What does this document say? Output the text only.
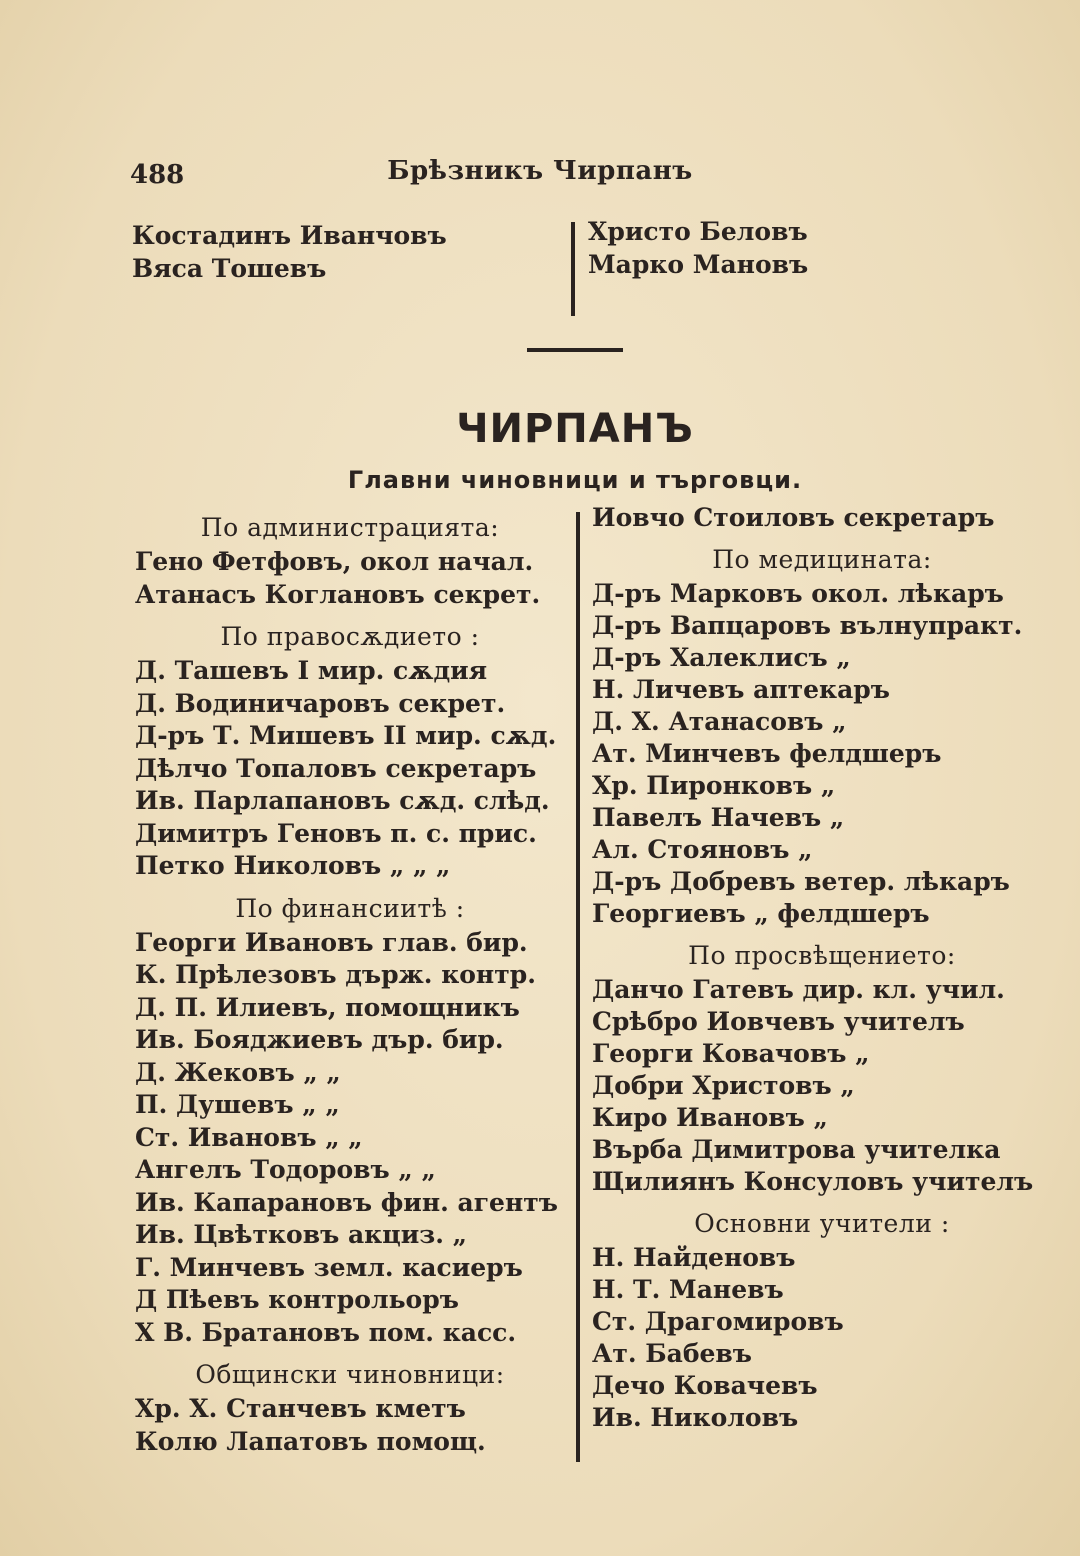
488	Брѣзникъ Чирпанъ
Костадинъ Иванчовъ
Вяса Тошевъ
Христо Беловъ
Марко Мановъ
ЧИРПАНЪ
Главни чиновници и търговци.
По администрацията:
Гено Фетфовъ, окол начал.
Атанасъ Коглановъ секрет.
По правосѫдието :
Д. Ташевъ I мир. сѫдия
Д. Водиничаровъ секрет.
Д-ръ Т. Мишевъ II мир. сѫд.
Дѣлчо Топаловъ секретаръ
Ив. Парлапановъ сѫд. слѣд.
Димитръ Геновъ п. с. прис.
Петко Николовъ „ „ „
По финансиитѣ :
Георги Ивановъ глав. бир.
К. Прѣлезовъ държ. контр.
Д. П. Илиевъ, помощникъ
Ив. Бояджиевъ дър. бир.
Д. Жековъ „ „
П. Душевъ „ „
Ст. Ивановъ „ „
Ангелъ Тодоровъ „ „
Ив. Капарановъ фин. агентъ
Ив. Цвѣтковъ акциз. „
Г. Минчевъ земл. касиеръ
Д Пѣевъ контрольоръ
Х В. Братановъ пом. касс.
Общински чиновници:
Хр. Х. Станчевъ кметъ
Колю Лапатовъ помощ.
Иовчо Стоиловъ секретаръ
По медицината:
Д-ръ Марковъ окол. лѣкаръ
Д-ръ Вапцаровъ вълнупракт.
Д-ръ Халеклисъ „
Н. Личевъ аптекаръ
Д. Х. Атанасовъ „
Ат. Минчевъ фелдшеръ
Хр. Пиронковъ „
Павелъ Начевъ „
Ал. Стояновъ „
Д-ръ Добревъ ветер. лѣкаръ
Георгиевъ „ фелдшеръ
По просвѣщението:
Данчо Гатевъ дир. кл. учил.
Срѣбро Иовчевъ учителъ
Георги Ковачовъ „
Добри Христовъ „
Киро Ивановъ „
Върба Димитрова учителка
Щилиянъ Консуловъ учителъ
Основни учители :
Н. Найденовъ
Н. Т. Маневъ
Ст. Драгомировъ
Ат. Бабевъ
Дечо Ковачевъ
Ив. Николовъ
